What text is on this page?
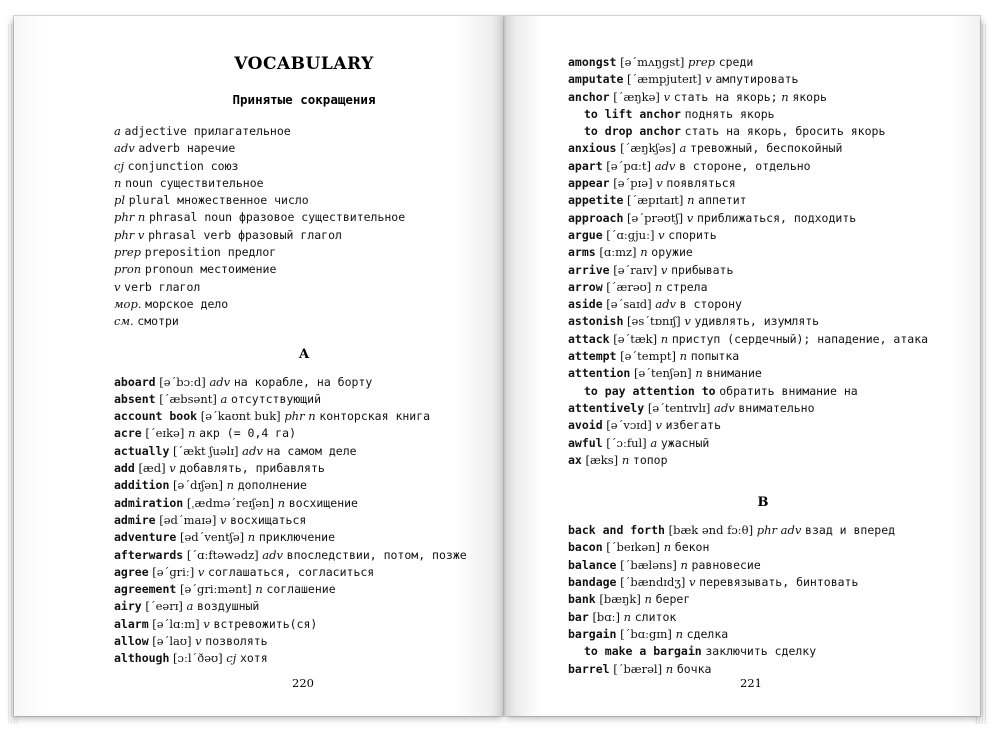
VOCABULARY
Принятые сокращения
a adjective прилагательное
adv adverb наречие
cj conjunction союз
n noun существительное
pl plural множественное число
phr n phrasal noun фразовое существительное
phr v phrasal verb фразовый глагол
prep preposition предлог
pron pronoun местоимение
v verb глагол
мор. морское дело
см. смотри
A
aboard [əˊbɔːd] adv на корабле, на борту
absent [ˊæbsənt] a отсутствующий
account book [əˊkaʊnt buk] phr n конторская книга
acre [ˊeɪkə] n акр (= 0,4 га)
actually [ˊækt ʃuəlɪ] adv на самом деле
add [æd] v добавлять, прибавлять
addition [əˊdɪʃən] n дополнение
admiration [ˌædməˊreɪʃən] n восхищение
admire [ədˊmaɪə] v восхищаться
adventure [ədˊventʃə] n приключение
afterwards [ˊɑːftəwədz] adv впоследствии, потом, позже
agree [əˊgriː] v соглашаться, согласиться
agreement [əˊgriːmənt] n соглашение
airy [ˊeərɪ] a воздушный
alarm [əˊlɑːm] v встревожить(ся)
allow [əˊlaʊ] v позволять
although [ɔːlˊðəʊ] cj хотя
220
amongst [əˊmʌŋgst] prep среди
amputate [ˊæmpjuteɪt] v ампутировать
anchor [ˊæŋkə] v стать на якорь; n якорь
to lift anchor поднять якорь
to drop anchor стать на якорь, бросить якорь
anxious [ˊæŋkʃəs] a тревожный, беспокойный
apart [əˊpɑːt] adv в стороне, отдельно
appear [əˊpɪə] v появляться
appetite [ˊæpɪtaɪt] n аппетит
approach [əˊprəʊtʃ] v приближаться, подходить
argue [ˊɑːgjuː] v спорить
arms [ɑːmz] n оружие
arrive [əˊraɪv] v прибывать
arrow [ˊærəʊ] n стрела
aside [əˊsaɪd] adv в сторону
astonish [əsˊtɒnɪʃ] v удивлять, изумлять
attack [əˊtæk] n приступ (сердечный); нападение, атака
attempt [əˊtempt] n попытка
attention [əˊtenʃən] n внимание
to pay attention to обратить внимание на
attentively [əˊtentɪvlɪ] adv внимательно
avoid [əˊvɔɪd] v избегать
awful [ˊɔːful] a ужасный
ax [æks] n топор
B
back and forth [bæk ənd fɔːθ] phr adv взад и вперед
bacon [ˊbeɪkən] n бекон
balance [ˊbæləns] n равновесие
bandage [ˊbændɪdʒ] v перевязывать, бинтовать
bank [bæŋk] n берег
bar [bɑː] n слиток
bargain [ˊbɑːgɪn] n сделка
to make a bargain заключить сделку
barrel [ˊbærəl] n бочка
221
